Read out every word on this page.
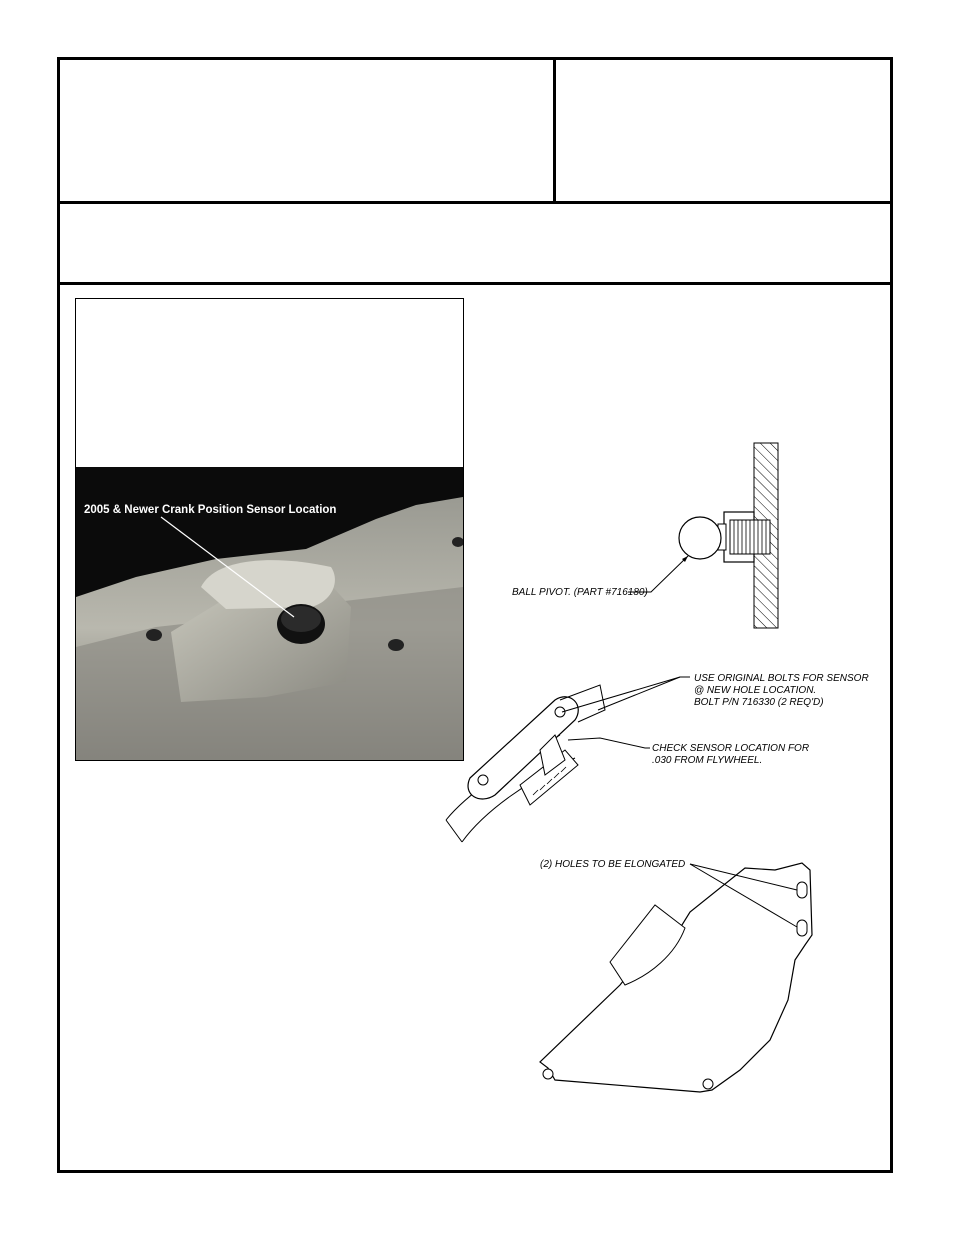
2005 & Newer Crank Position Sensor Location
BALL PIVOT. (PART #716180)
USE ORIGINAL BOLTS FOR SENSOR
@ NEW HOLE LOCATION.
BOLT P/N 716330 (2 REQ'D)
CHECK SENSOR LOCATION FOR
.030 FROM FLYWHEEL.
(2) HOLES TO BE ELONGATED
